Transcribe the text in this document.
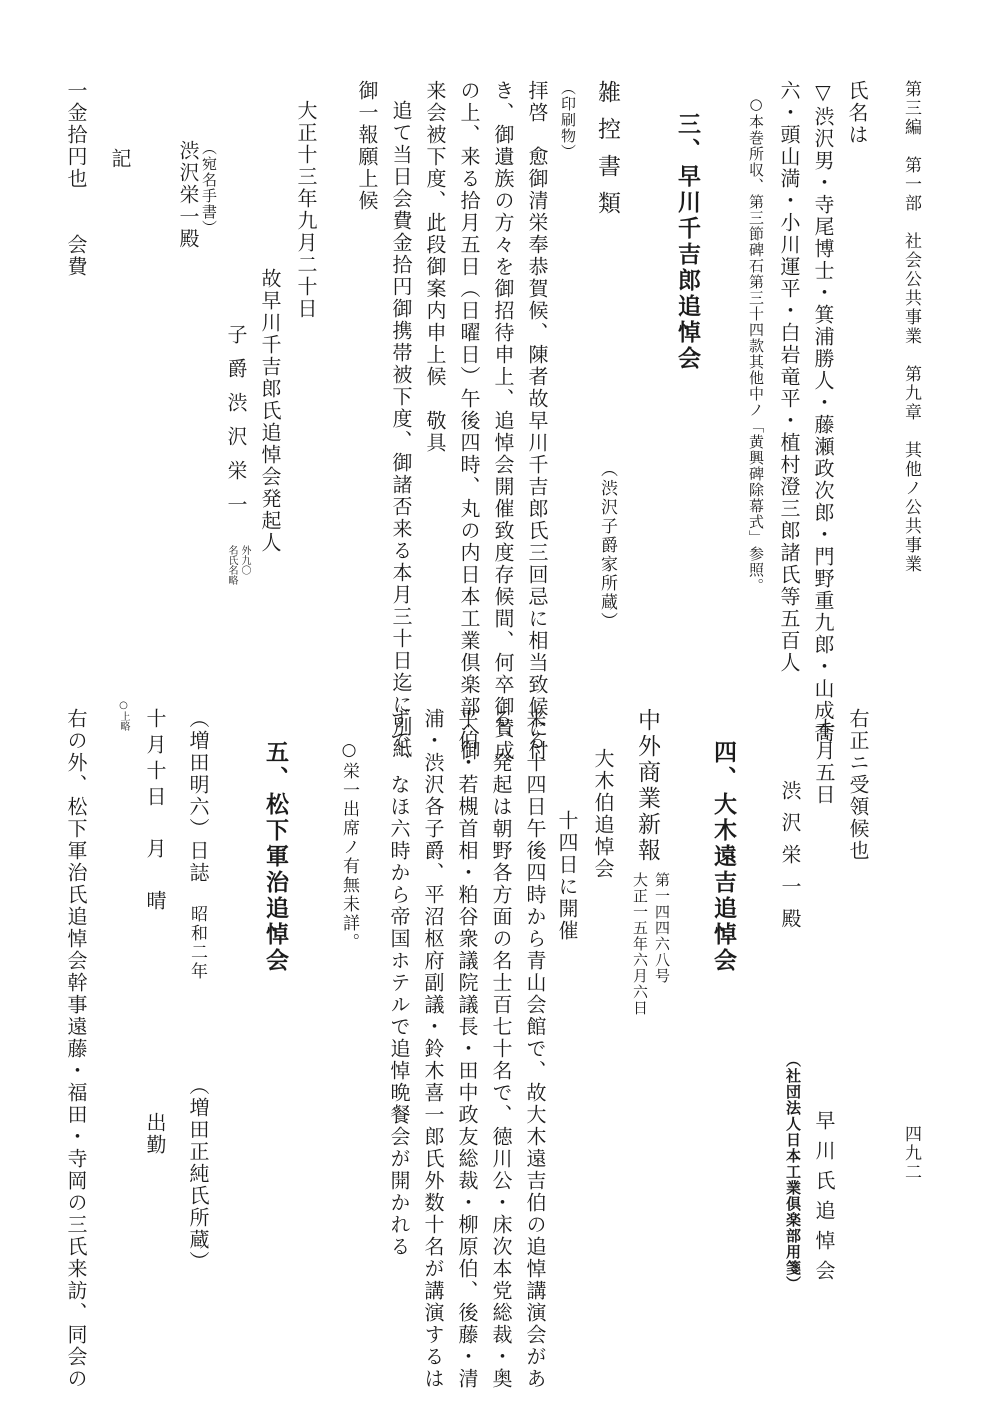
第三編　第一部　社会公共事業　第九章　其他ノ公共事業
四九二
氏名は
▽渋沢男・寺尾博士・箕浦勝人・藤瀬政次郎・門野重九郎・山成喬
六・頭山満・小川運平・白岩竜平・植村澄三郎諸氏等五百人
○本巻所収、第三節碑石第三十四款其他中ノ「黄興碑除幕式」参照。
三、早川千吉郎追悼会
雑控書類
（渋沢子爵家所蔵）
（印刷物）
拝啓　愈御清栄奉恭賀候、陳者故早川千吉郎氏三回忌に相当致候に付
き、御遺族の方々を御招待申上、追悼会開催致度存候間、何卒御賛成
の上、来る拾月五日（日曜日）午後四時、丸の内日本工業倶楽部へ御
来会被下度、此段御案内申上候　敬具
追て当日会費金拾円御携帯被下度、御諸否来る本月三十日迄に別紙
御一報願上候
大正十三年九月二十日
故早川千吉郎氏追悼会発起人
子爵渋沢栄一
外九〇
名氏名略
（宛名手書）
渋沢栄一殿
記
一金拾円也　　会費
右正ニ受領候也
十月五日
渋沢栄一殿
早川氏追悼会
（社団法人日本工業倶楽部用箋）
四、大木遠吉追悼会
中外商業新報
第一四四六八号
大正一五年六月六日
大木伯追悼会
十四日に開催
来る十四日午後四時から青山会館で、故大木遠吉伯の追悼講演会があ
る、発起は朝野各方面の名士百七十名で、徳川公・床次本党総裁・奥
平伯・若槻首相・粕谷衆議院議長・田中政友総裁・柳原伯、後藤・清
浦・渋沢各子爵、平沼枢府副議・鈴木喜一郎氏外数十名が講演するは
ずで、なほ六時から帝国ホテルで追悼晩餐会が開かれる
○栄一出席ノ有無未詳。
五、松下軍治追悼会
（増田明六）日誌
昭和二年
（増田正純氏所蔵）
十月十日　月　晴
出勤
○上略
右の外、松下軍治氏追悼会幹事遠藤・福田・寺岡の三氏来訪、同会の
